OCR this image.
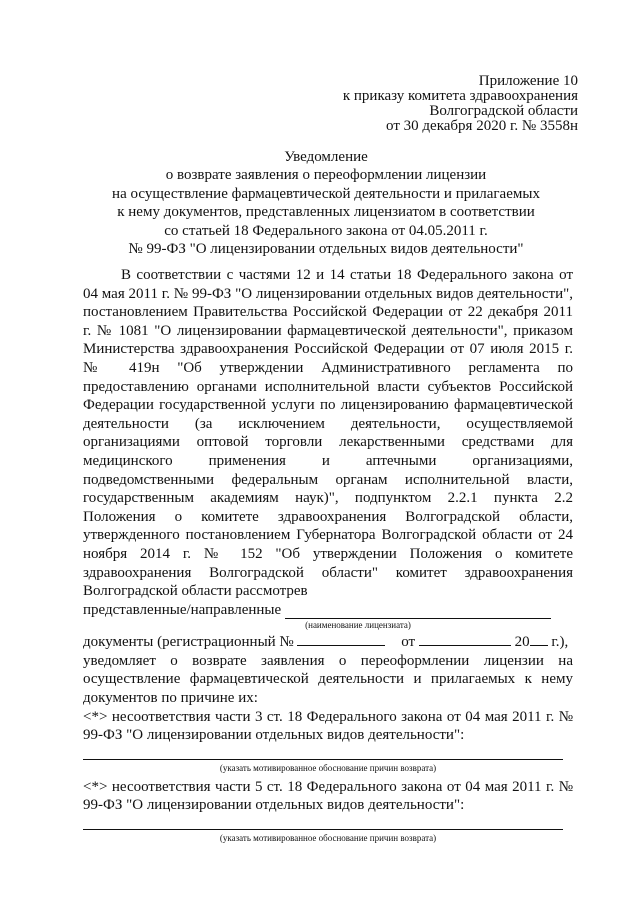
Приложение 10
к приказу комитета здравоохранения
Волгоградской области
от 30 декабря 2020 г. № 3558н
Уведомление
о возврате заявления о переоформлении лицензии
на осуществление фармацевтической деятельности и прилагаемых
к нему документов, представленных лицензиатом в соответствии
со статьей 18 Федерального закона от 04.05.2011 г.
№ 99-ФЗ "О лицензировании отдельных видов деятельности"

В соответствии с частями 12 и 14 статьи 18 Федерального закона от 04 мая 2011 г. № 99-ФЗ "О лицензировании отдельных видов деятельности", постановлением Правительства Российской Федерации от 22 декабря 2011 г. № 1081 "О лицензировании фармацевтической деятельности", приказом Министерства здравоохранения Российской Федерации от 07 июля 2015 г. № 419н "Об утверждении Административного регламента по предоставлению органами исполнительной власти субъектов Российской Федерации государственной услуги по лицензированию фармацевтической деятельности (за исключением деятельности, осуществляемой организациями оптовой торговли лекарственными средствами для медицинского применения и аптечными организациями, подведомственными федеральным органам исполнительной власти, государственным академиям наук)", подпунктом 2.2.1 пункта 2.2 Положения о комитете здравоохранения Волгоградской области, утвержденного постановлением Губернатора Волгоградской области от 24 ноября 2014 г. № 152 "Об утверждении Положения о комитете здравоохранения Волгоградской области" комитет здравоохранения Волгоградской области рассмотрев

представленные/направленные
(наименование лицензиата)
документы (регистрационный №	от	20 г.),

уведомляет о возврате заявления о переоформлении лицензии на осуществление фармацевтической деятельности и прилагаемых к нему документов по причине их:

<*> несоответствия части 3 ст. 18 Федерального закона от 04 мая 2011 г. № 99-ФЗ "О лицензировании отдельных видов деятельности":

(указать мотивированное обоснование причин возврата)

<*> несоответствия части 5 ст. 18 Федерального закона от 04 мая 2011 г. № 99-ФЗ "О лицензировании отдельных видов деятельности":

(указать мотивированное обоснование причин возврата)
